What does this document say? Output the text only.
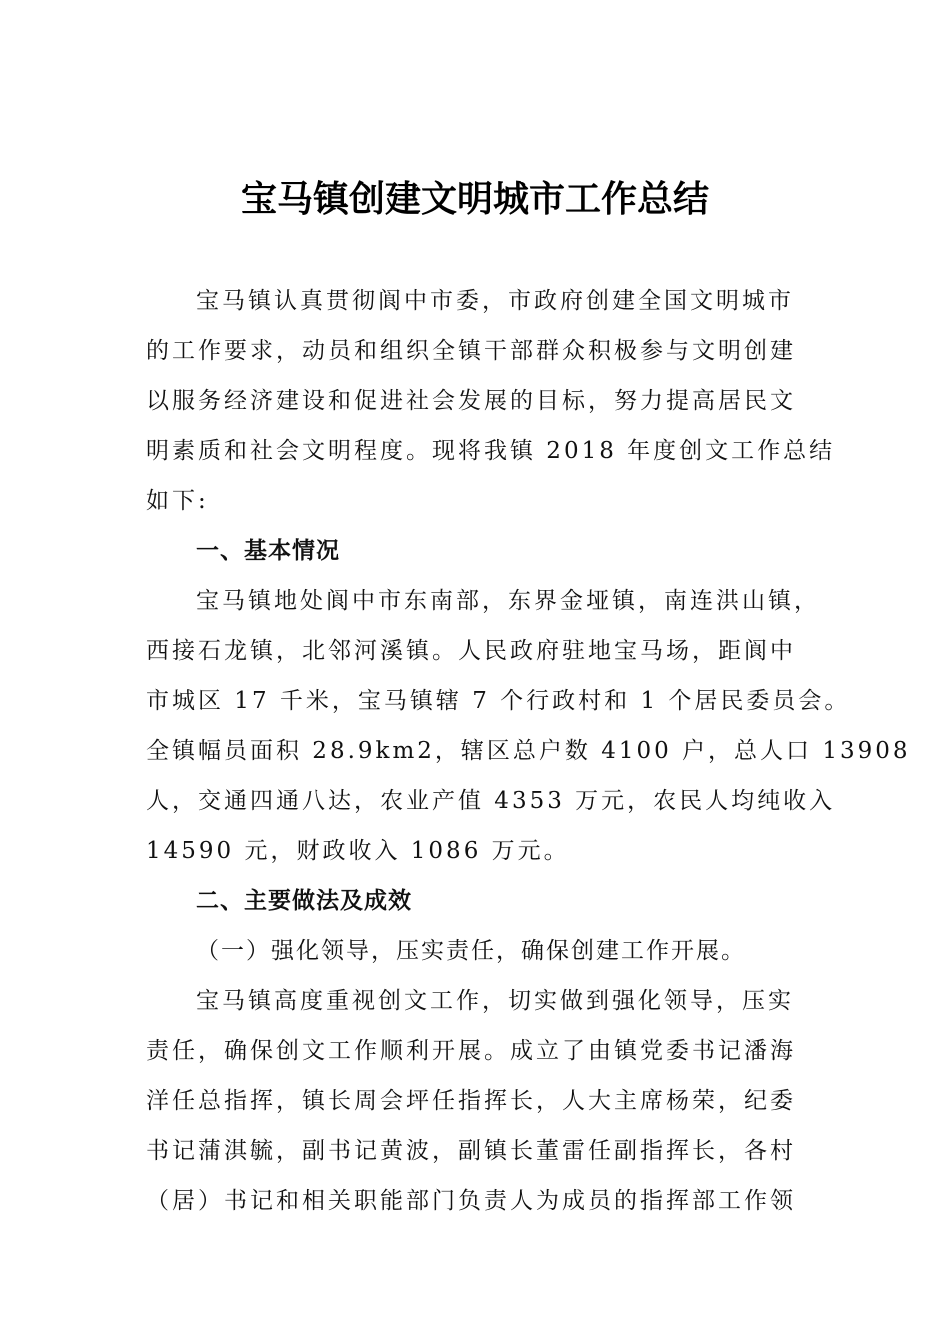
宝马镇创建文明城市工作总结
宝马镇认真贯彻阆中市委，市政府创建全国文明城市
的工作要求，动员和组织全镇干部群众积极参与文明创建
以服务经济建设和促进社会发展的目标，努力提高居民文
明素质和社会文明程度。现将我镇 2018 年度创文工作总结
如下:
一、基本情况
宝马镇地处阆中市东南部，东界金垭镇，南连洪山镇，
西接石龙镇，北邻河溪镇。人民政府驻地宝马场，距阆中
市城区 17 千米，宝马镇辖 7 个行政村和 1 个居民委员会。
全镇幅员面积 28.9km2，辖区总户数 4100 户，总人口 13908
人，交通四通八达，农业产值 4353 万元，农民人均纯收入
14590 元，财政收入 1086 万元。
二、主要做法及成效
（一）强化领导，压实责任，确保创建工作开展。
宝马镇高度重视创文工作，切实做到强化领导，压实
责任，确保创文工作顺利开展。成立了由镇党委书记潘海
洋任总指挥，镇长周会坪任指挥长，人大主席杨荣，纪委
书记蒲淇毓，副书记黄波，副镇长董雷任副指挥长，各村
（居）书记和相关职能部门负责人为成员的指挥部工作领
